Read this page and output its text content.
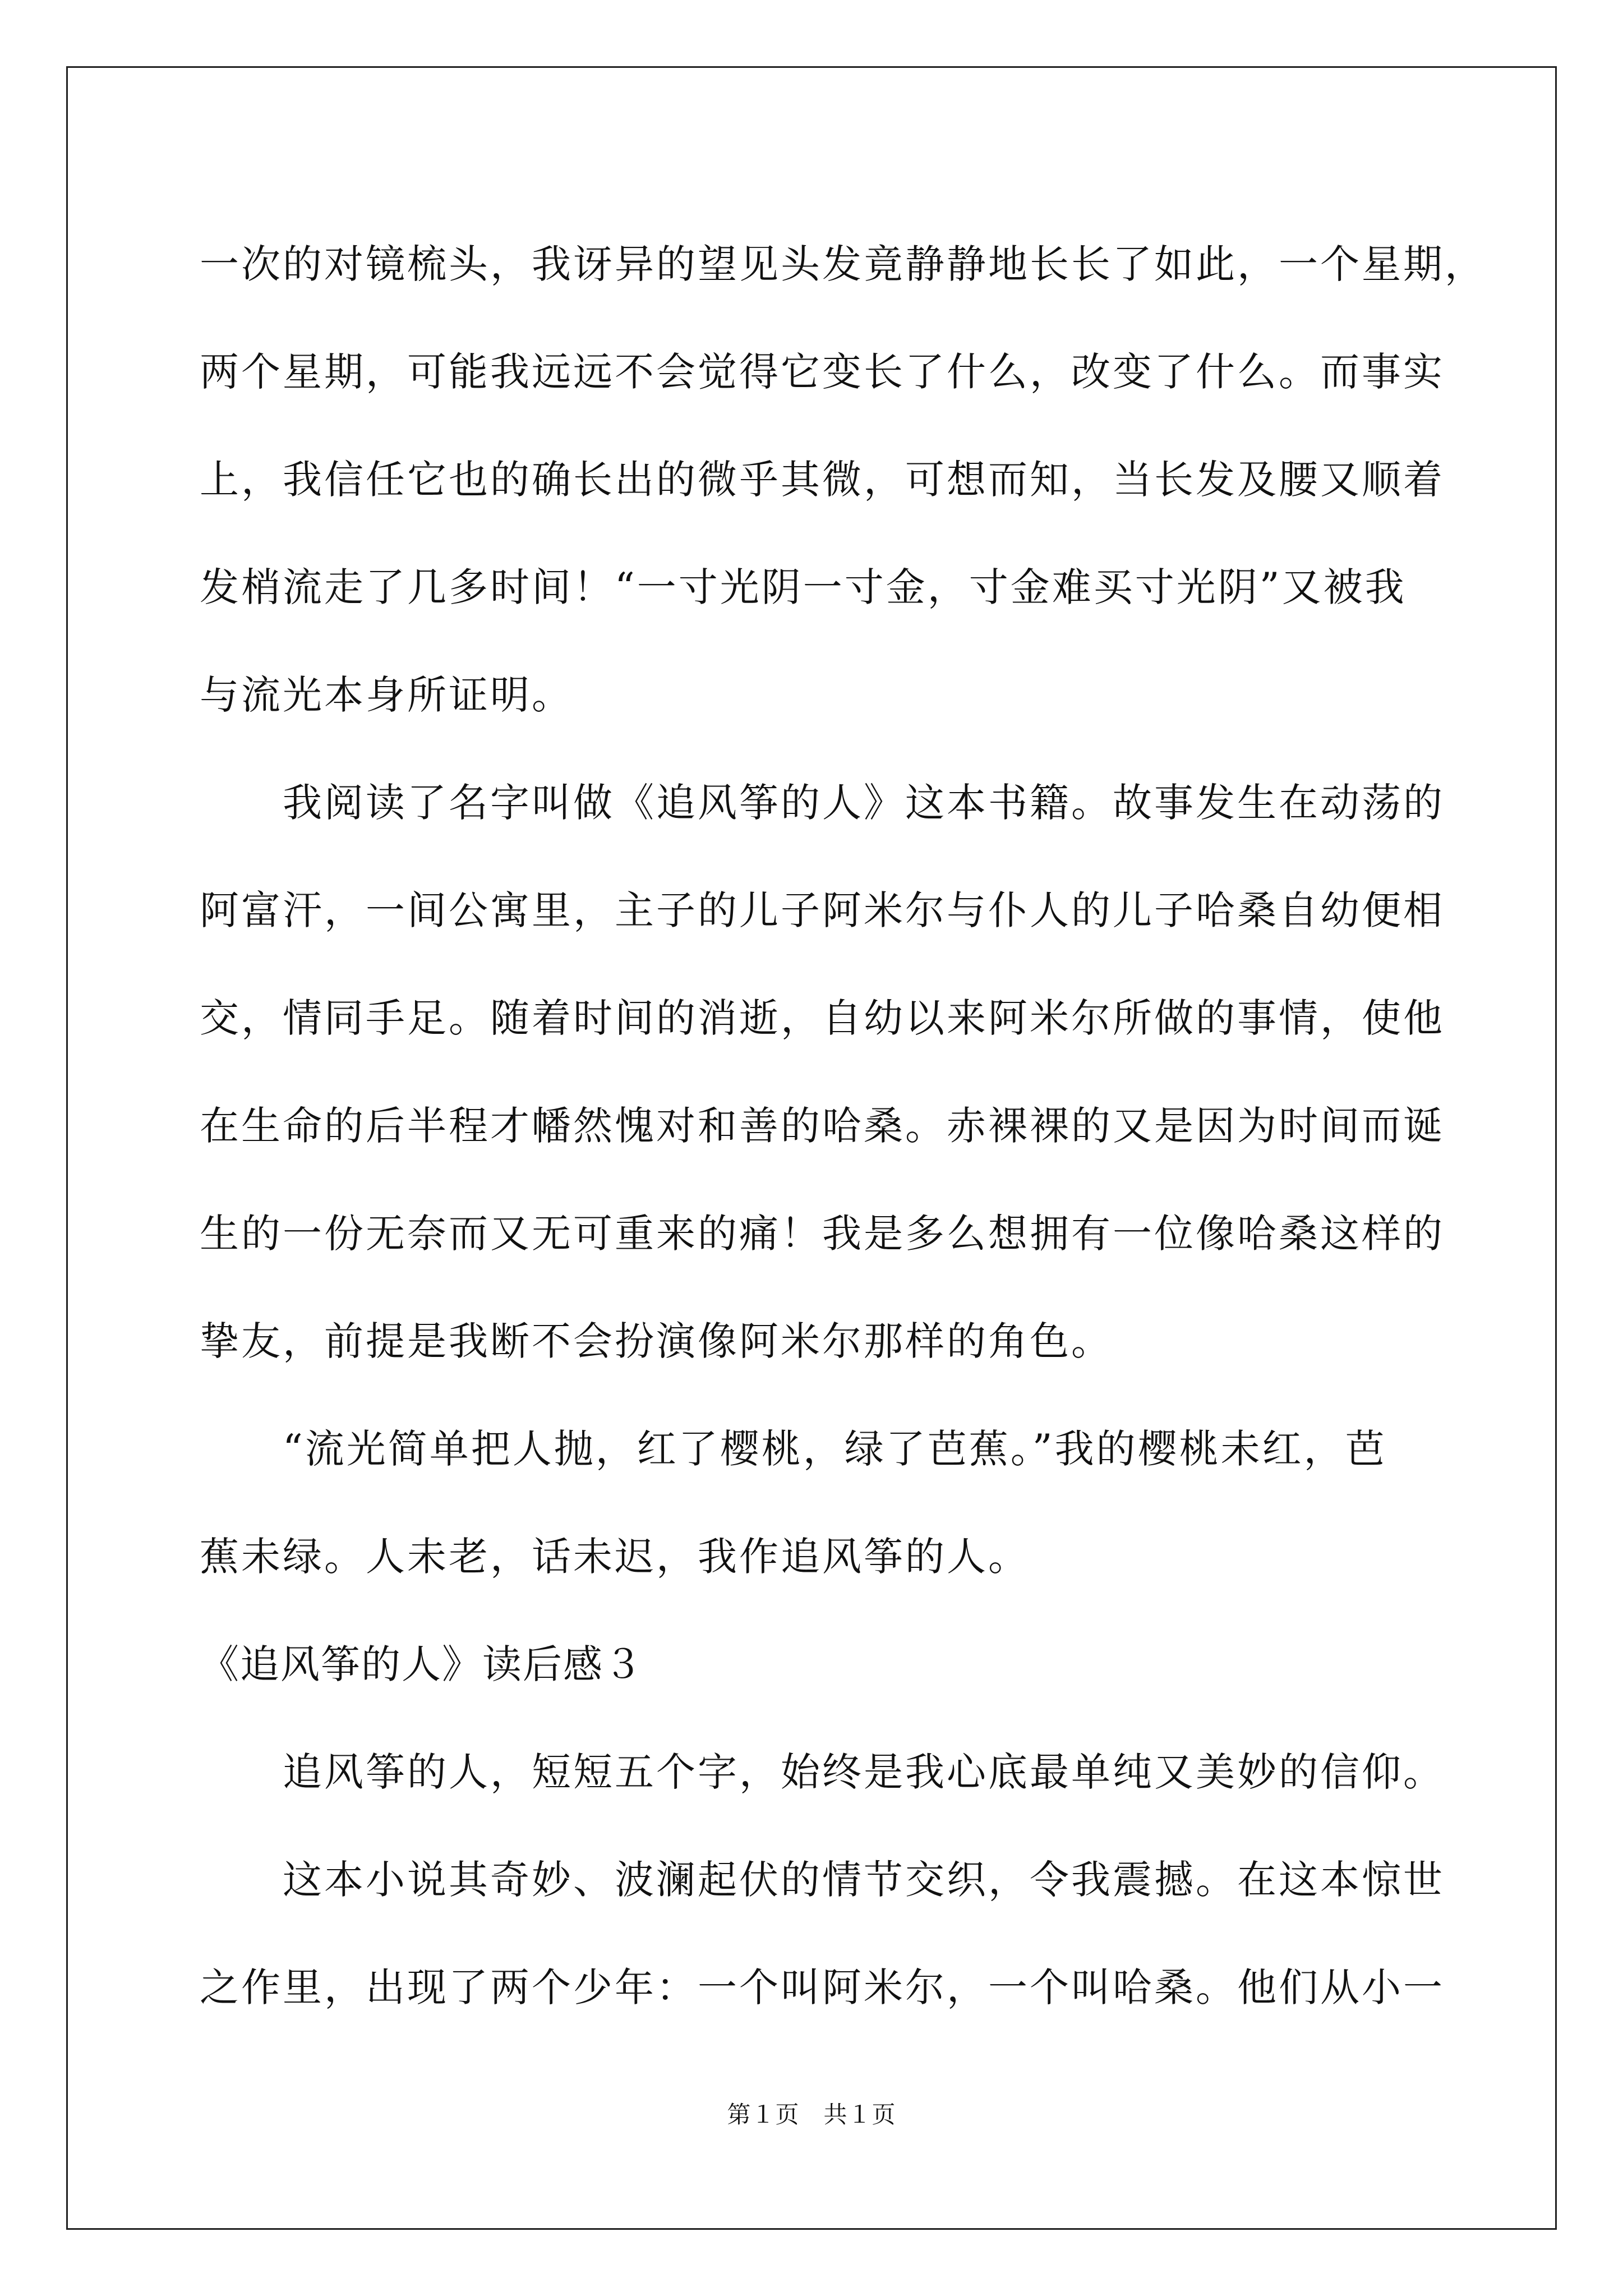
一次的对镜梳头，我讶异的望见头发竟静静地长长了如此，一个星期，
两个星期，可能我远远不会觉得它变长了什么，改变了什么。而事实
上，我信任它也的确长出的微乎其微，可想而知，当长发及腰又顺着
发梢流走了几多时间！“一寸光阴一寸金，寸金难买寸光阴”又被我
与流光本身所证明。
我阅读了名字叫做《追风筝的人》这本书籍。故事发生在动荡的
阿富汗，一间公寓里，主子的儿子阿米尔与仆人的儿子哈桑自幼便相
交，情同手足。随着时间的消逝，自幼以来阿米尔所做的事情，使他
在生命的后半程才幡然愧对和善的哈桑。赤裸裸的又是因为时间而诞
生的一份无奈而又无可重来的痛！我是多么想拥有一位像哈桑这样的
挚友，前提是我断不会扮演像阿米尔那样的角色。
“流光简单把人抛，红了樱桃，绿了芭蕉。”我的樱桃未红，芭
蕉未绿。人未老，话未迟，我作追风筝的人。
《追风筝的人》读后感３
追风筝的人，短短五个字，始终是我心底最单纯又美妙的信仰。
这本小说其奇妙、波澜起伏的情节交织，令我震撼。在这本惊世
之作里，出现了两个少年：一个叫阿米尔，一个叫哈桑。他们从小一
第１页　共１页
